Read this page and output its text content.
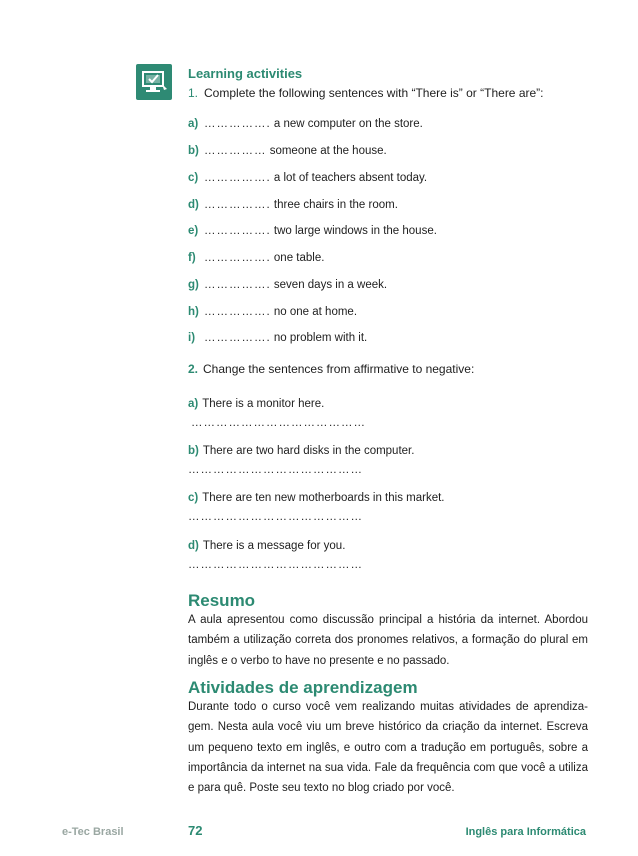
Learning activities
1. Complete the following sentences with “There is” or “There are”:
a) ……………. a new computer on the store.
b) …………… someone at the house.
c) ……………. a lot of teachers absent today.
d) ……………. three chairs in the room.
e) ……………. two large windows in the house.
f) ……………. one table.
g) ……………. seven days in a week.
h) ……………. no one at home.
i) ……………. no problem with it.
2. Change the sentences from affirmative to negative:
a) There is a monitor here.
……………………………………
b) There are two hard disks in the computer.
……………………………………
c) There are ten new motherboards in this market.
……………………………………
d) There is a message for you.
……………………………………
Resumo
A aula apresentou como discussão principal a história da internet. Abordou também a utilização correta dos pronomes relativos, a formação do plural em inglês e o verbo to have no presente e no passado.
Atividades de aprendizagem
Durante todo o curso você vem realizando muitas atividades de aprendiza-gem. Nesta aula você viu um breve histórico da criação da internet. Escreva um pequeno texto em inglês, e outro com a tradução em português, sobre a importância da internet na sua vida. Fale da frequência com que você a utiliza e para quê. Poste seu texto no blog criado por você.
e-Tec Brasil	72	Inglês para Informática
